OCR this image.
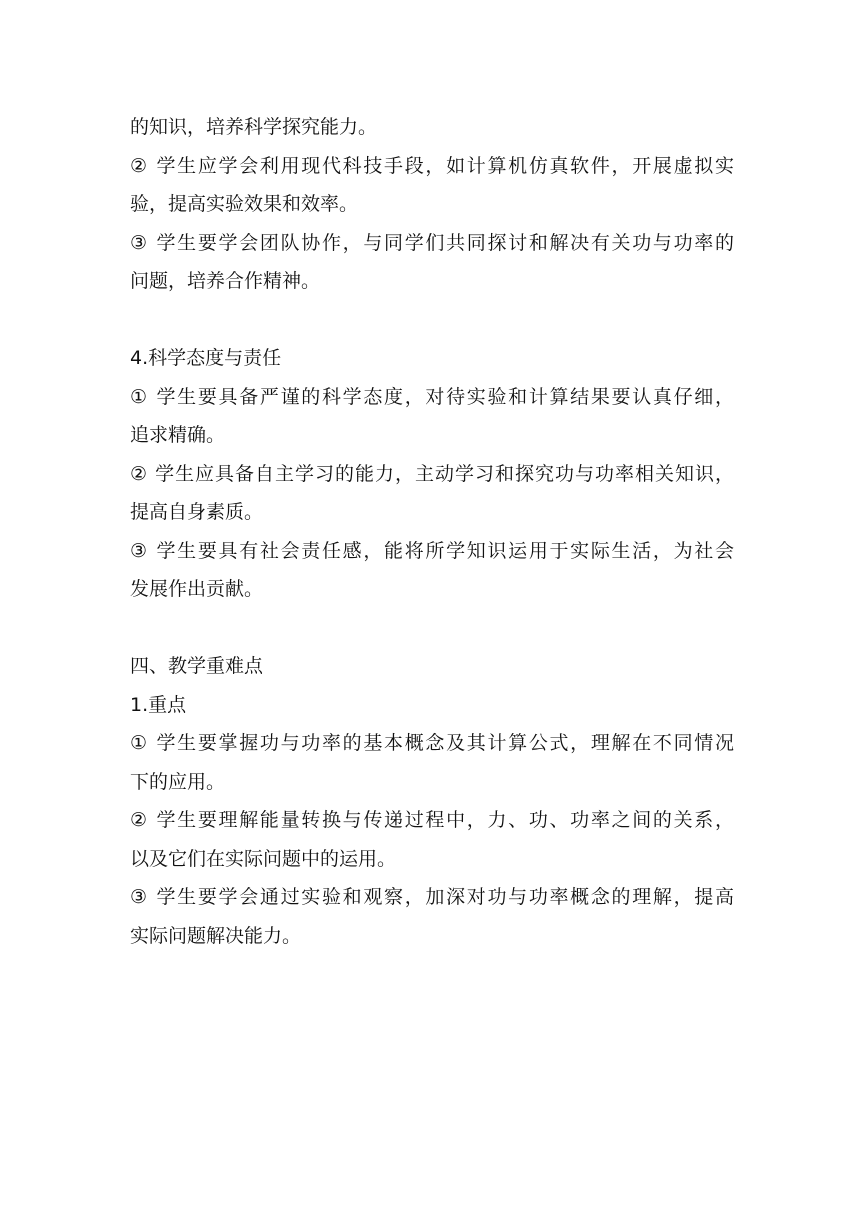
的知识，培养科学探究能力。

② 学生应学会利用现代科技手段，如计算机仿真软件，开展虚拟实

验，提高实验效果和效率。

③ 学生要学会团队协作，与同学们共同探讨和解决有关功与功率的

问题，培养合作精神。

4.科学态度与责任

① 学生要具备严谨的科学态度，对待实验和计算结果要认真仔细，

追求精确。

② 学生应具备自主学习的能力，主动学习和探究功与功率相关知识，

提高自身素质。

③ 学生要具有社会责任感，能将所学知识运用于实际生活，为社会

发展作出贡献。

四、教学重难点

1.重点

① 学生要掌握功与功率的基本概念及其计算公式，理解在不同情况

下的应用。

② 学生要理解能量转换与传递过程中，力、功、功率之间的关系，

以及它们在实际问题中的运用。

③ 学生要学会通过实验和观察，加深对功与功率概念的理解，提高

实际问题解决能力。
